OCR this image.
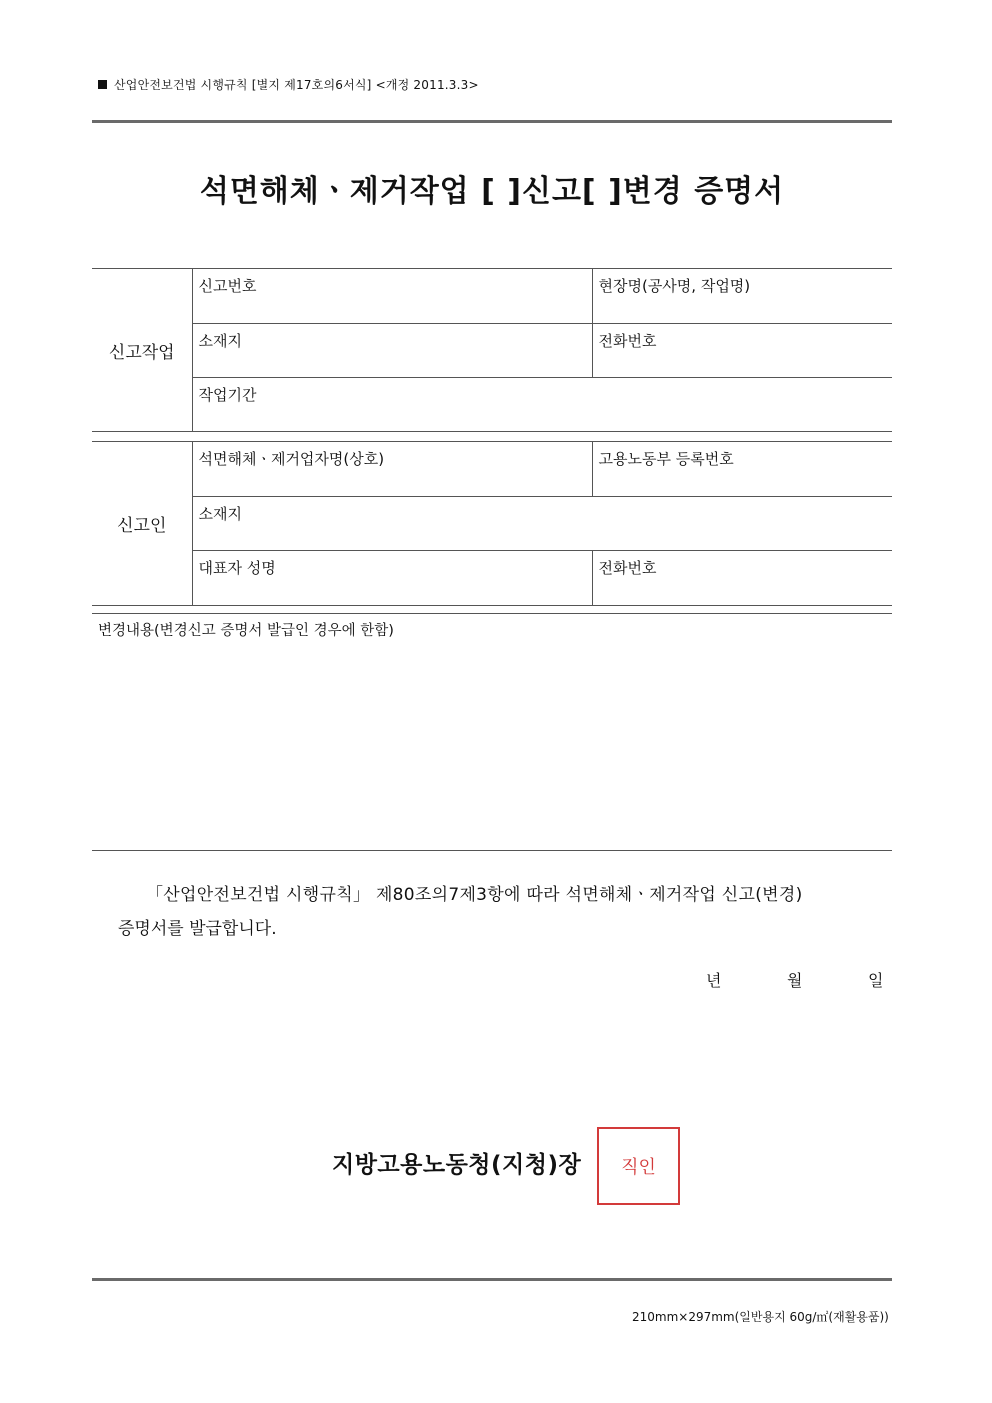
산업안전보건법 시행규칙 [별지 제17호의6서식] <개정 2011.3.3>
석면해체ㆍ제거작업 [ ]신고[ ]변경 증명서
신고작업	신고번호	현장명(공사명, 작업명)
	소재지	전화번호
	작업기간	
신고인	석면해체ㆍ제거업자명(상호)	고용노동부 등록번호
	소재지	
	대표자 성명	전화번호
변경내용(변경신고 증명서 발급인 경우에 한함)
「산업안전보건법 시행규칙」 제80조의7제3항에 따라 석면해체ㆍ제거작업 신고(변경)
증명서를 발급합니다.
년	월	일
지방고용노동청(지청)장 직인
210mm×297mm(일반용지 60g/㎡(재활용품))
